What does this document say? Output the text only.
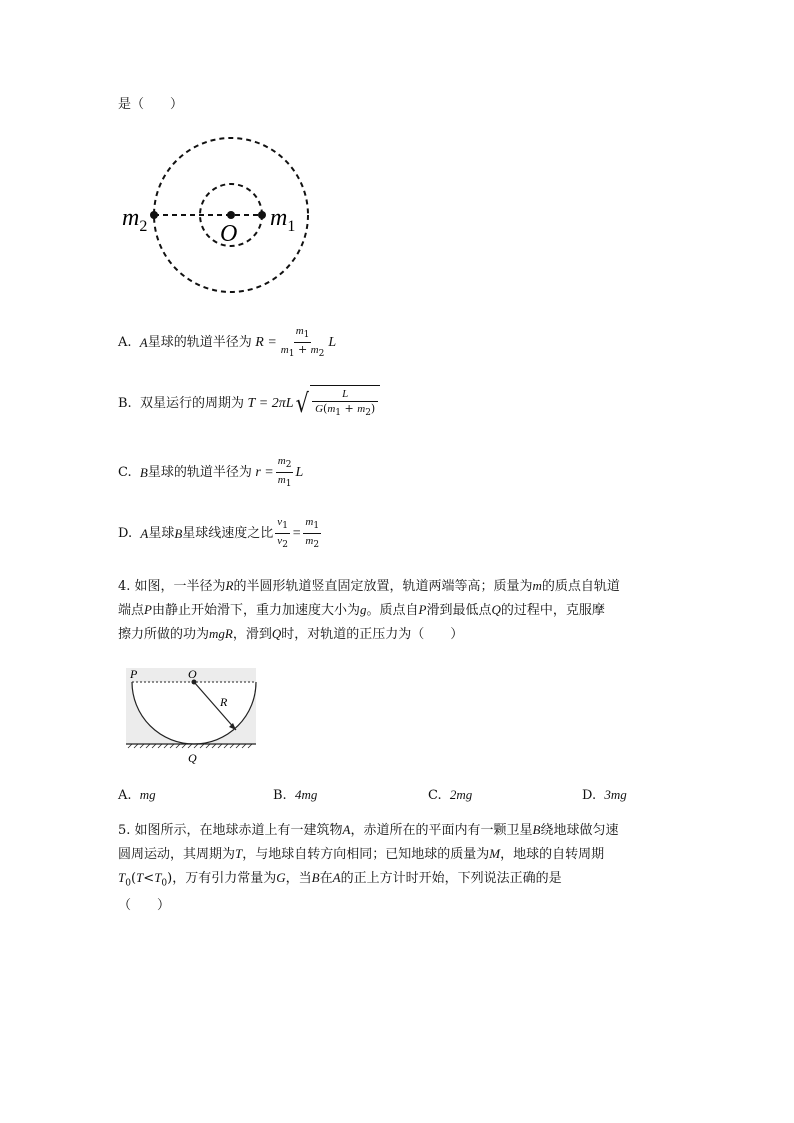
是（　　）
$m_2$	$m_1$
O
A.
A 星球的轨道半径为 $R = \frac{m_1}{m_1 + m_2}$ L
B.
双星运行的周期为 T = 2πL √ $\frac{L}{G(m_1 + m_2)}$
C.
B 星球的轨道半径为 $r = \frac{m_2}{m_1}$ L
D.
A 星球 B 星球线速度之比 $\frac{v_1}{v_2} = \frac{m_1}{m_2}$
4. 如图，一半径为R的半圆形轨道竖直固定放置，轨道两端等高；质量为m的质点自轨道
端点P由静止开始滑下，重力加速度大小为g。质点自P滑到最低点Q的过程中，克服摩
擦力所做的功为mgR，滑到Q时，对轨道的正压力为（　　）
P	O
R
Q
A. mg	B. 4mg	C. 2mg	D. 3mg
5. 如图所示，在地球赤道上有一建筑物A，赤道所在的平面内有一颗卫星B绕地球做匀速
圆周运动，其周期为T，与地球自转方向相同；已知地球的质量为M，地球的自转周期
$T_0(T<T_0)$，万有引力常量为G，当B在A的正上方计时开始，下列说法正确的是
（　　）
